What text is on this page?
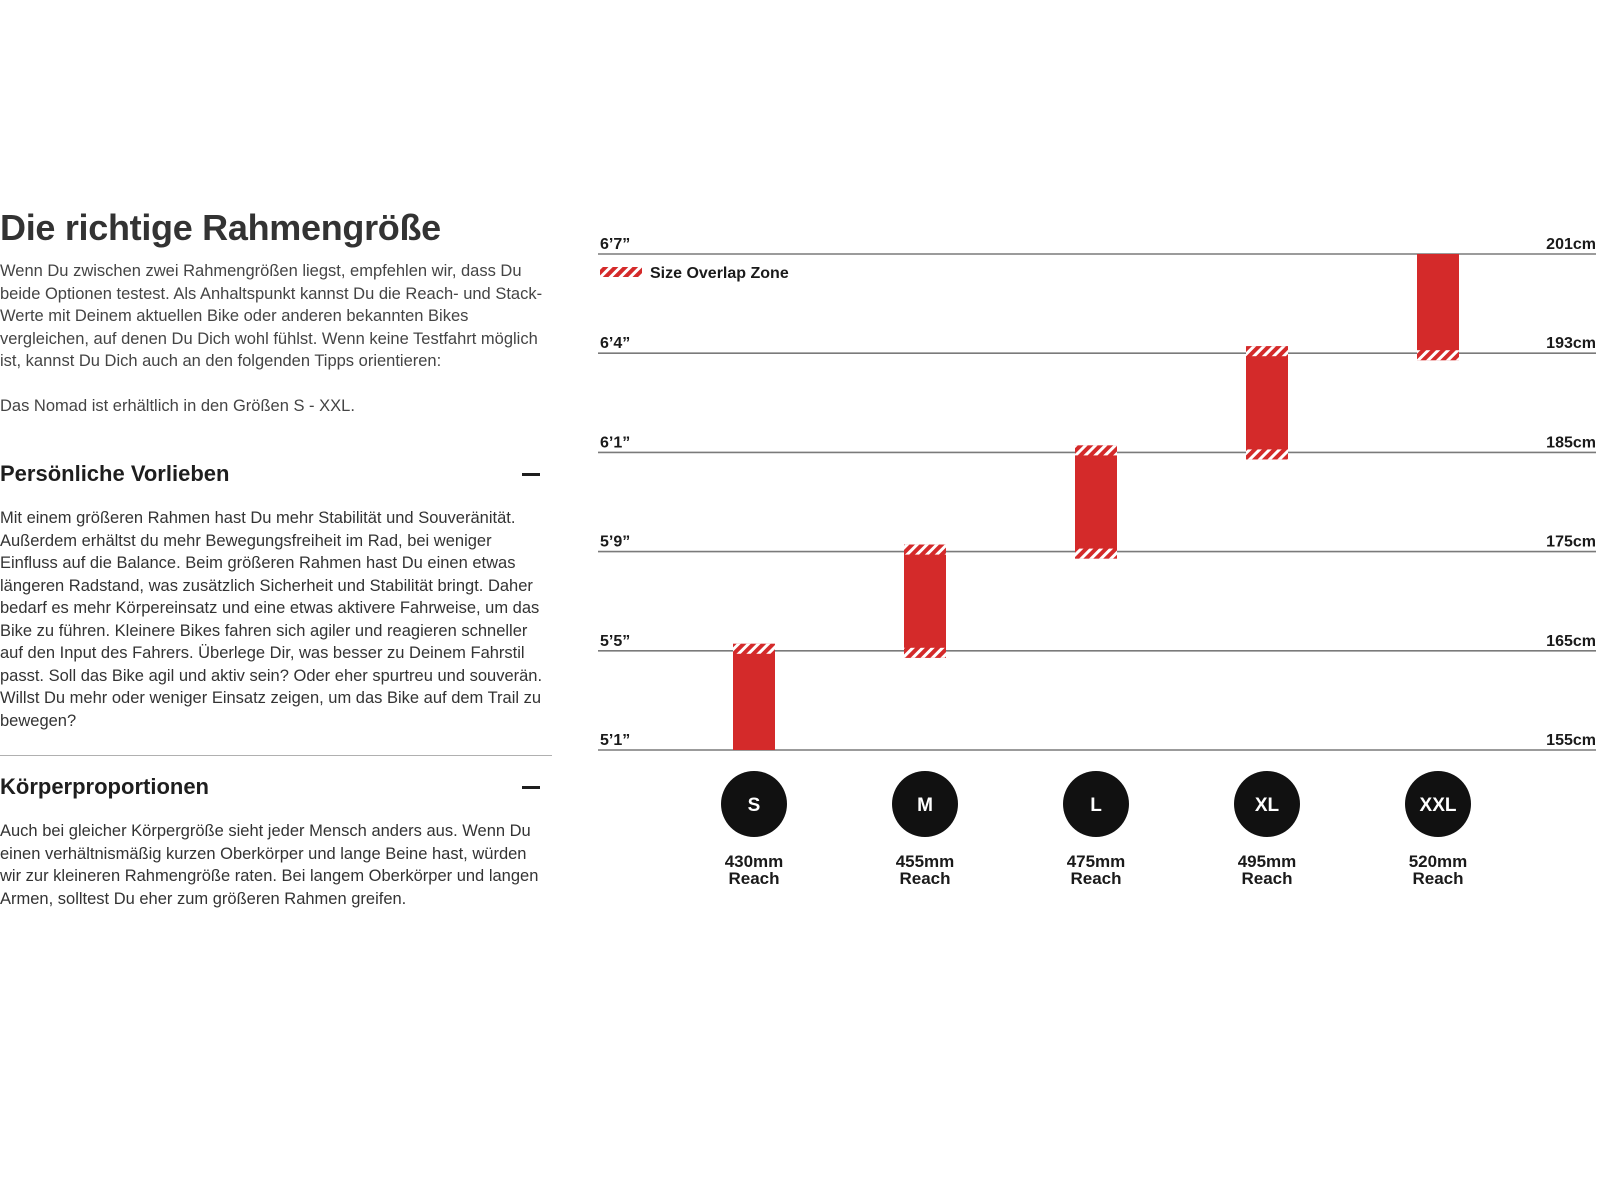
Die richtige Rahmengröße

Wenn Du zwischen zwei Rahmengrößen liegst, empfehlen wir, dass Du beide Optionen testest. Als Anhaltspunkt kannst Du die Reach- und Stack-Werte mit Deinem aktuellen Bike oder anderen bekannten Bikes vergleichen, auf denen Du Dich wohl fühlst. Wenn keine Testfahrt möglich ist, kannst Du Dich auch an den folgenden Tipps orientieren:

Das Nomad ist erhältlich in den Größen S - XXL.

Persönliche Vorlieben

Mit einem größeren Rahmen hast Du mehr Stabilität und Souveränität. Außerdem erhältst du mehr Bewegungsfreiheit im Rad, bei weniger Einfluss auf die Balance. Beim größeren Rahmen hast Du einen etwas längeren Radstand, was zusätzlich Sicherheit und Stabilität bringt. Daher bedarf es mehr Körpereinsatz und eine etwas aktivere Fahrweise, um das Bike zu führen. Kleinere Bikes fahren sich agiler und reagieren schneller auf den Input des Fahrers. Überlege Dir, was besser zu Deinem Fahrstil passt. Soll das Bike agil und aktiv sein? Oder eher spurtreu und souverän. Willst Du mehr oder weniger Einsatz zeigen, um das Bike auf dem Trail zu bewegen?

Körperproportionen

Auch bei gleicher Körpergröße sieht jeder Mensch anders aus. Wenn Du einen verhältnismäßig kurzen Oberkörper und lange Beine hast, würden wir zur kleineren Rahmengröße raten. Bei langem Oberkörper und langen Armen, solltest Du eher zum größeren Rahmen greifen.

5’1”	155cm
5’5”	165cm
5’9”	175cm
6’1”	185cm
6’4”	193cm
6’7”	201cm
Size Overlap Zone
S
430mm
Reach
M
455mm
Reach
L
475mm
Reach
XL
495mm
Reach
XXL
520mm
Reach
